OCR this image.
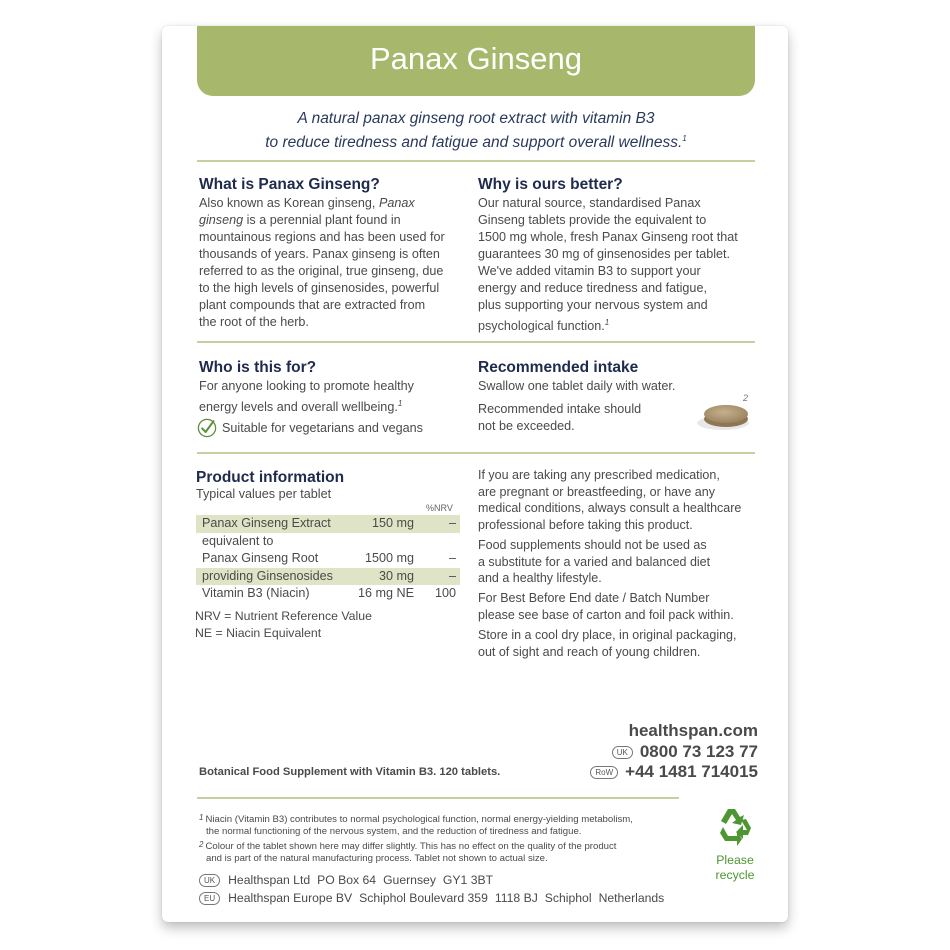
Panax Ginseng
A natural panax ginseng root extract with vitamin B3
to reduce tiredness and fatigue and support overall wellness.$^1$
What is Panax Ginseng?
Also known as Korean ginseng, Panax
ginseng is a perennial plant found in
mountainous regions and has been used for
thousands of years. Panax ginseng is often
referred to as the original, true ginseng, due
to the high levels of ginsenosides, powerful
plant compounds that are extracted from
the root of the herb.
Why is ours better?
Our natural source, standardised Panax
Ginseng tablets provide the equivalent to
1500 mg whole, fresh Panax Ginseng root that
guarantees 30 mg of ginsenosides per tablet.
We've added vitamin B3 to support your
energy and reduce tiredness and fatigue,
plus supporting your nervous system and
psychological function.$^1$
Who is this for?
For anyone looking to promote healthy
energy levels and overall wellbeing.$^1$
Suitable for vegetarians and vegans
Recommended intake
Swallow one tablet daily with water.
Recommended intake should
not be exceeded.
2
Product information
Typical values per tablet
%NRV
Panax Ginseng Extract	150 mg	–
equivalent to
Panax Ginseng Root	1500 mg	–
providing Ginsenosides	30 mg	–
Vitamin B3 (Niacin)	16 mg NE 100
NRV = Nutrient Reference Value
NE = Niacin Equivalent

If you are taking any prescribed medication,
are pregnant or breastfeeding, or have any
medical conditions, always consult a healthcare
professional before taking this product.

Food supplements should not be used as
a substitute for a varied and balanced diet
and a healthy lifestyle.

For Best Before End date / Batch Number
please see base of carton and foil pack within.

Store in a cool dry place, in original packaging,
out of sight and reach of young children.

healthspan.com
UK 0800 73 123 77
RoW +44 1481 714015
Botanical Food Supplement with Vitamin B3. 120 tablets.
$^1$ Niacin (Vitamin B3) contributes to normal psychological function, normal energy-yielding metabolism,
the normal functioning of the nervous system, and the reduction of tiredness and fatigue.
$^2$ Colour of the tablet shown here may differ slightly. This has no effect on the quality of the product
and is part of the natural manufacturing process. Tablet not shown to actual size.	Please
recycle
UK	Healthspan Ltd PO Box 64 Guernsey GY1 3BT
EU	Healthspan Europe BV Schiphol Boulevard 359 1118 BJ Schiphol Netherlands
